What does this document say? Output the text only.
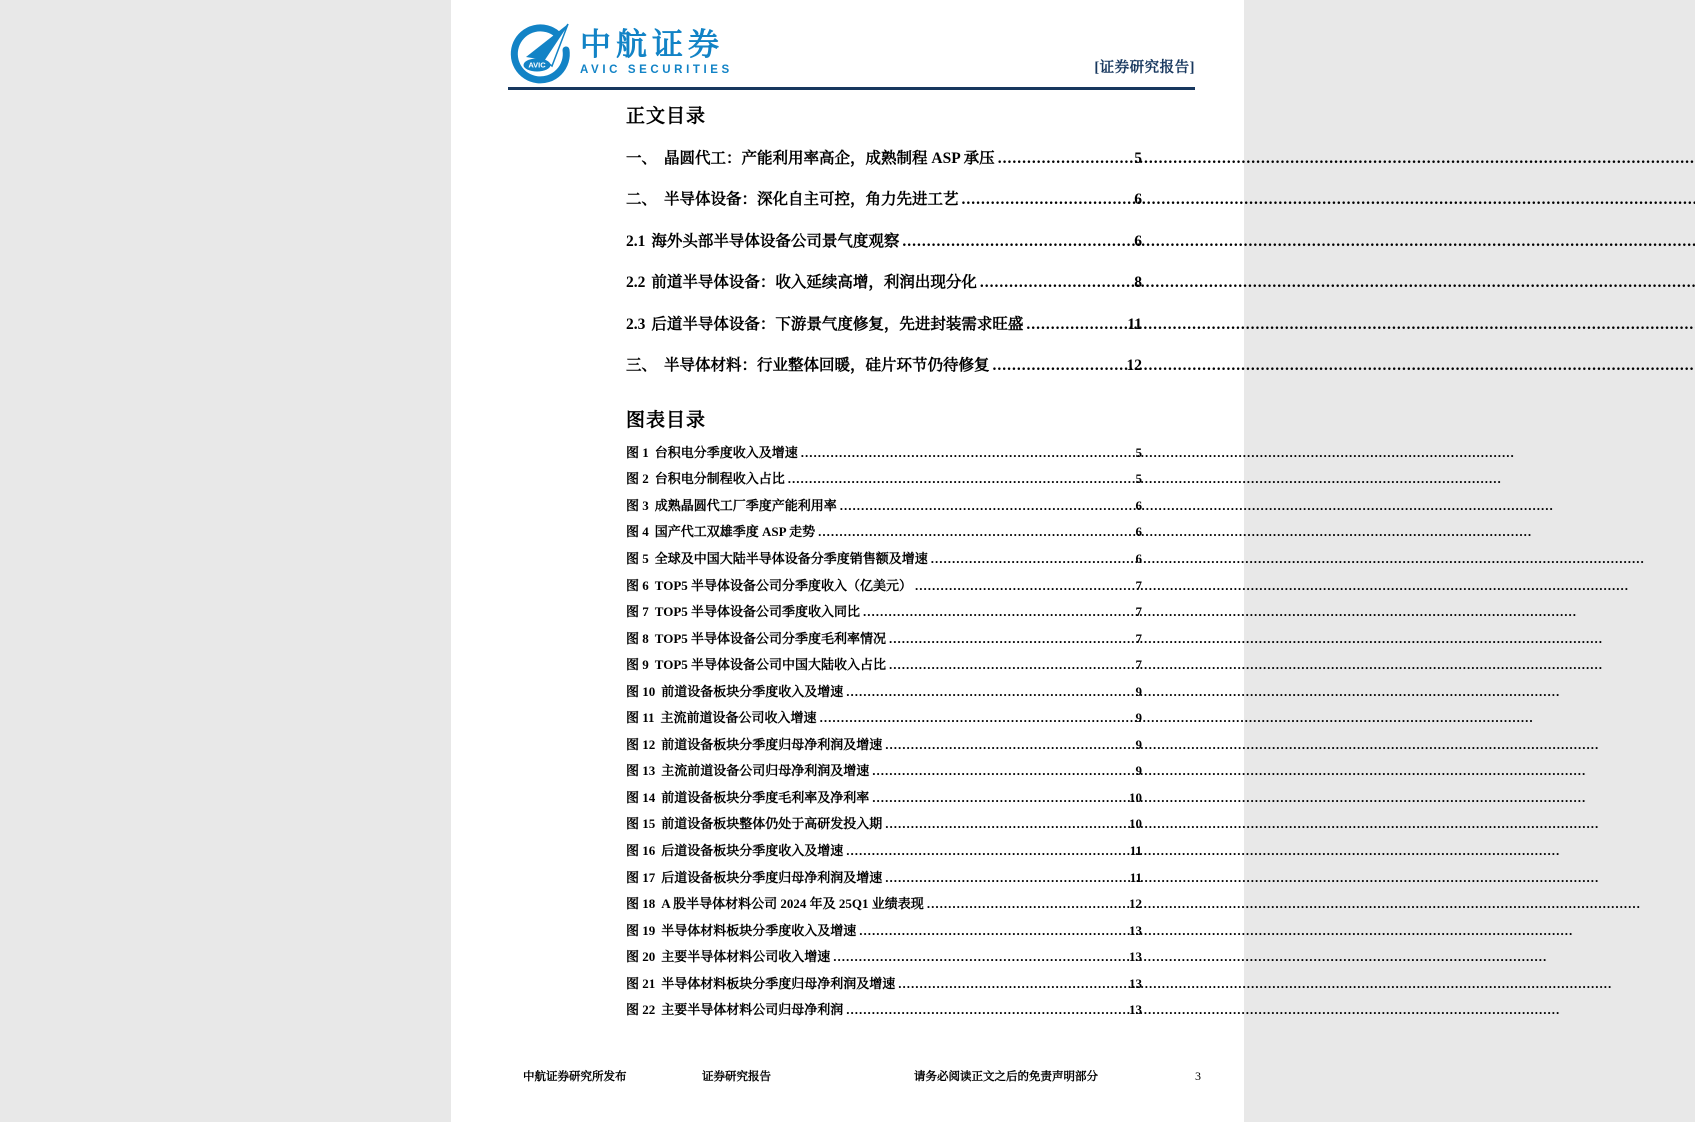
AVIC
中航证券
AVIC SECURITIES	[证券研究报告]
正文目录
一、 晶圆代工：产能利用率高企，成熟制程 ASP 承压 .....	5
二、 半导体设备：深化自主可控，角力先进工艺 .....	6
2.1 海外头部半导体设备公司景气度观察 .....	6
2.2 前道半导体设备：收入延续高增，利润出现分化 .....	8
2.3 后道半导体设备：下游景气度修复，先进封装需求旺盛 .....	11
三、 半导体材料：行业整体回暖，硅片环节仍待修复 .....	12
图表目录
图 1 台积电分季度收入及增速 .....	5
图 2 台积电分制程收入占比 .....	5
图 3 成熟晶圆代工厂季度产能利用率 .....	6
图 4 国产代工双雄季度 ASP 走势 .....	6
图 5 全球及中国大陆半导体设备分季度销售额及增速 .....	6
图 6 TOP5 半导体设备公司分季度收入（亿美元） .....	7
图 7 TOP5 半导体设备公司季度收入同比 .....	7
图 8 TOP5 半导体设备公司分季度毛利率情况 .....	7
图 9 TOP5 半导体设备公司中国大陆收入占比 .....	7
图 10 前道设备板块分季度收入及增速 .....	9
图 11 主流前道设备公司收入增速 .....	9
图 12 前道设备板块分季度归母净利润及增速 .....	9
图 13 主流前道设备公司归母净利润及增速 .....	9
图 14 前道设备板块分季度毛利率及净利率 .....	10
图 15 前道设备板块整体仍处于高研发投入期 .....	10
图 16 后道设备板块分季度收入及增速 .....	11
图 17 后道设备板块分季度归母净利润及增速 .....	11
图 18 A 股半导体材料公司 2024 年及 25Q1 业绩表现 .....	12
图 19 半导体材料板块分季度收入及增速 .....	13
图 20 主要半导体材料公司收入增速 .....	13
图 21 半导体材料板块分季度归母净利润及增速 .....	13
图 22 主要半导体材料公司归母净利润 .....	13
中航证券研究所发布	证券研究报告	请务必阅读正文之后的免责声明部分	3
